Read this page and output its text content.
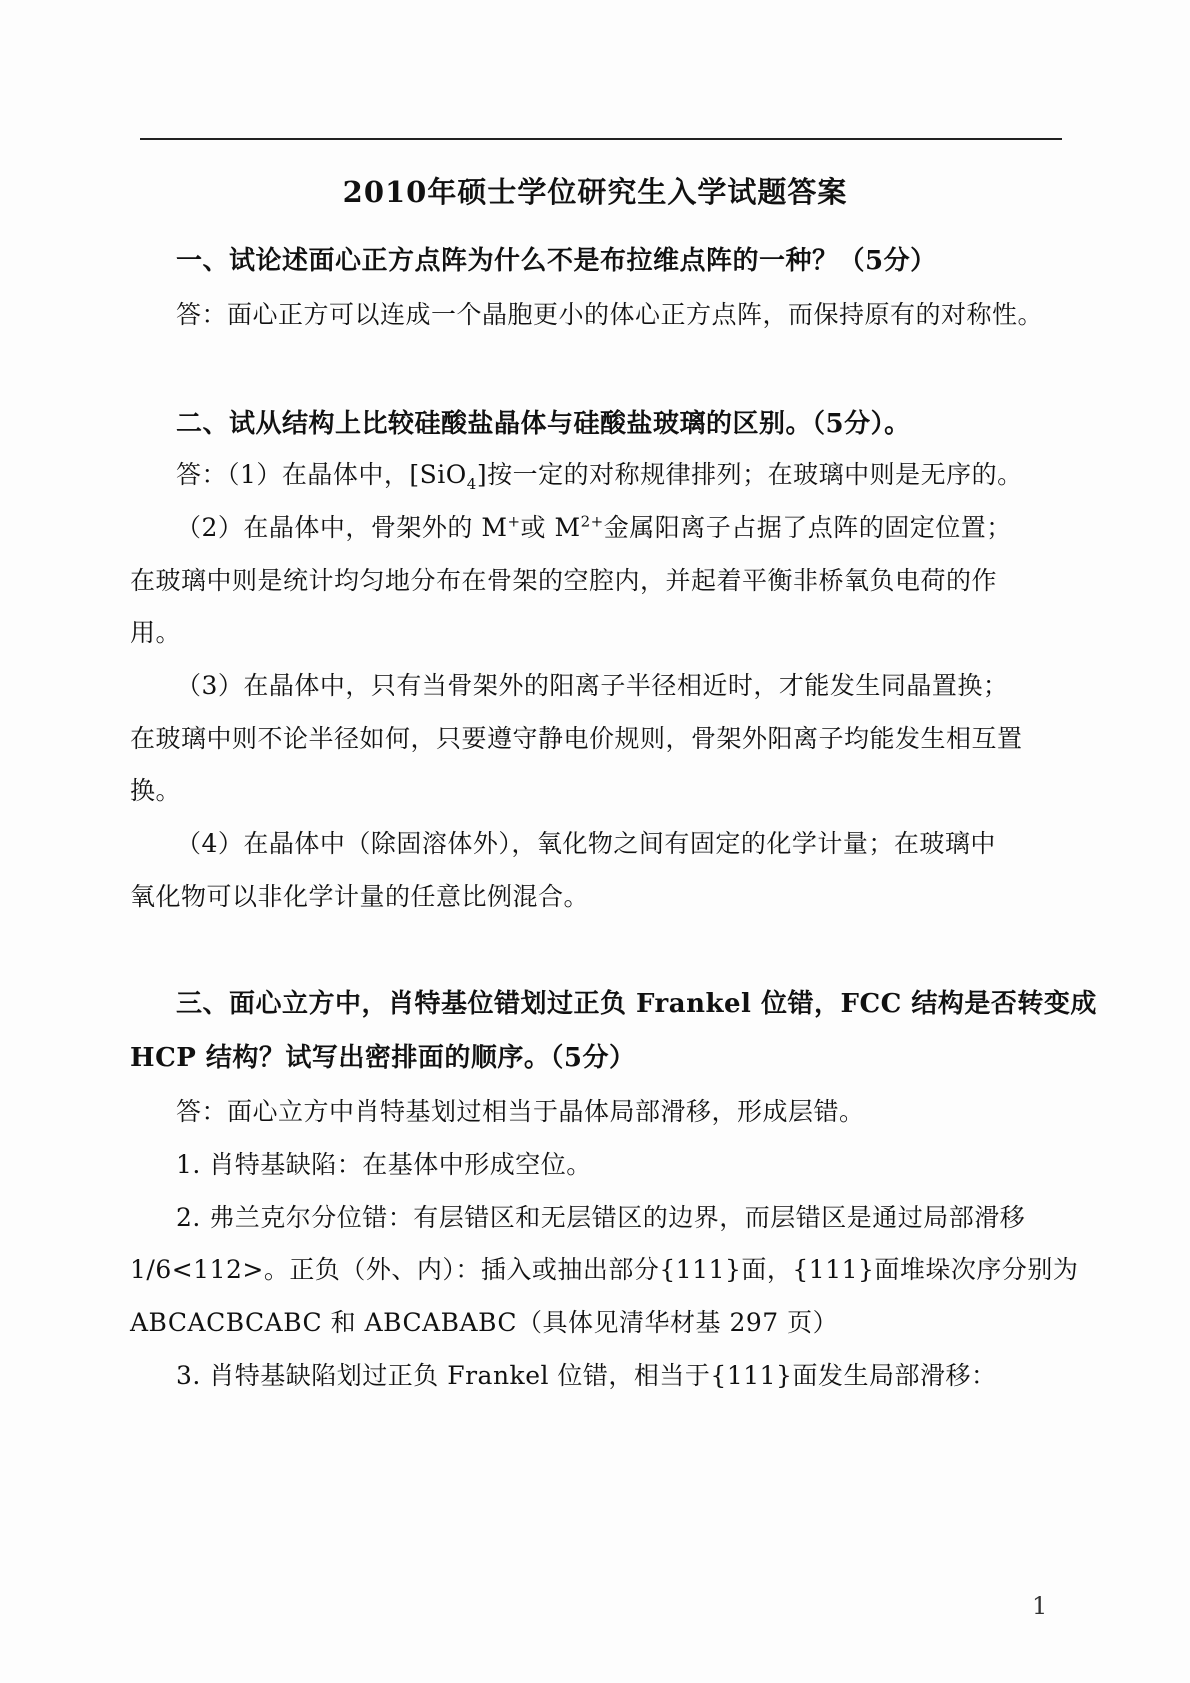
2010年硕士学位研究生入学试题答案
一、试论述面心正方点阵为什么不是布拉维点阵的一种？（5分）
答：面心正方可以连成一个晶胞更小的体心正方点阵，而保持原有的对称性。
二、试从结构上比较硅酸盐晶体与硅酸盐玻璃的区别。（5分）。
答：（1）在晶体中，[SiO$_4$]按一定的对称规律排列；在玻璃中则是无序的。
（2）在晶体中，骨架外的 M+或 $M^{2+}$金属阳离子占据了点阵的固定位置；
在玻璃中则是统计均匀地分布在骨架的空腔内，并起着平衡非桥氧负电荷的作
用。
（3）在晶体中，只有当骨架外的阳离子半径相近时，才能发生同晶置换；
在玻璃中则不论半径如何，只要遵守静电价规则，骨架外阳离子均能发生相互置
换。
（4）在晶体中（除固溶体外），氧化物之间有固定的化学计量；在玻璃中
氧化物可以非化学计量的任意比例混合。
三、面心立方中，肖特基位错划过正负 Frankel 位错，FCC 结构是否转变成
HCP 结构？试写出密排面的顺序。（5分）
答：面心立方中肖特基划过相当于晶体局部滑移，形成层错。
1. 肖特基缺陷：在基体中形成空位。
2. 弗兰克尔分位错：有层错区和无层错区的边界，而层错区是通过局部滑移
1/6<112>。正负（外、内）：插入或抽出部分{111}面，{111}面堆垛次序分别为
ABCACBCABC 和 ABCABABC（具体见清华材基 297 页）
3. 肖特基缺陷划过正负 Frankel 位错，相当于{111}面发生局部滑移：
1
